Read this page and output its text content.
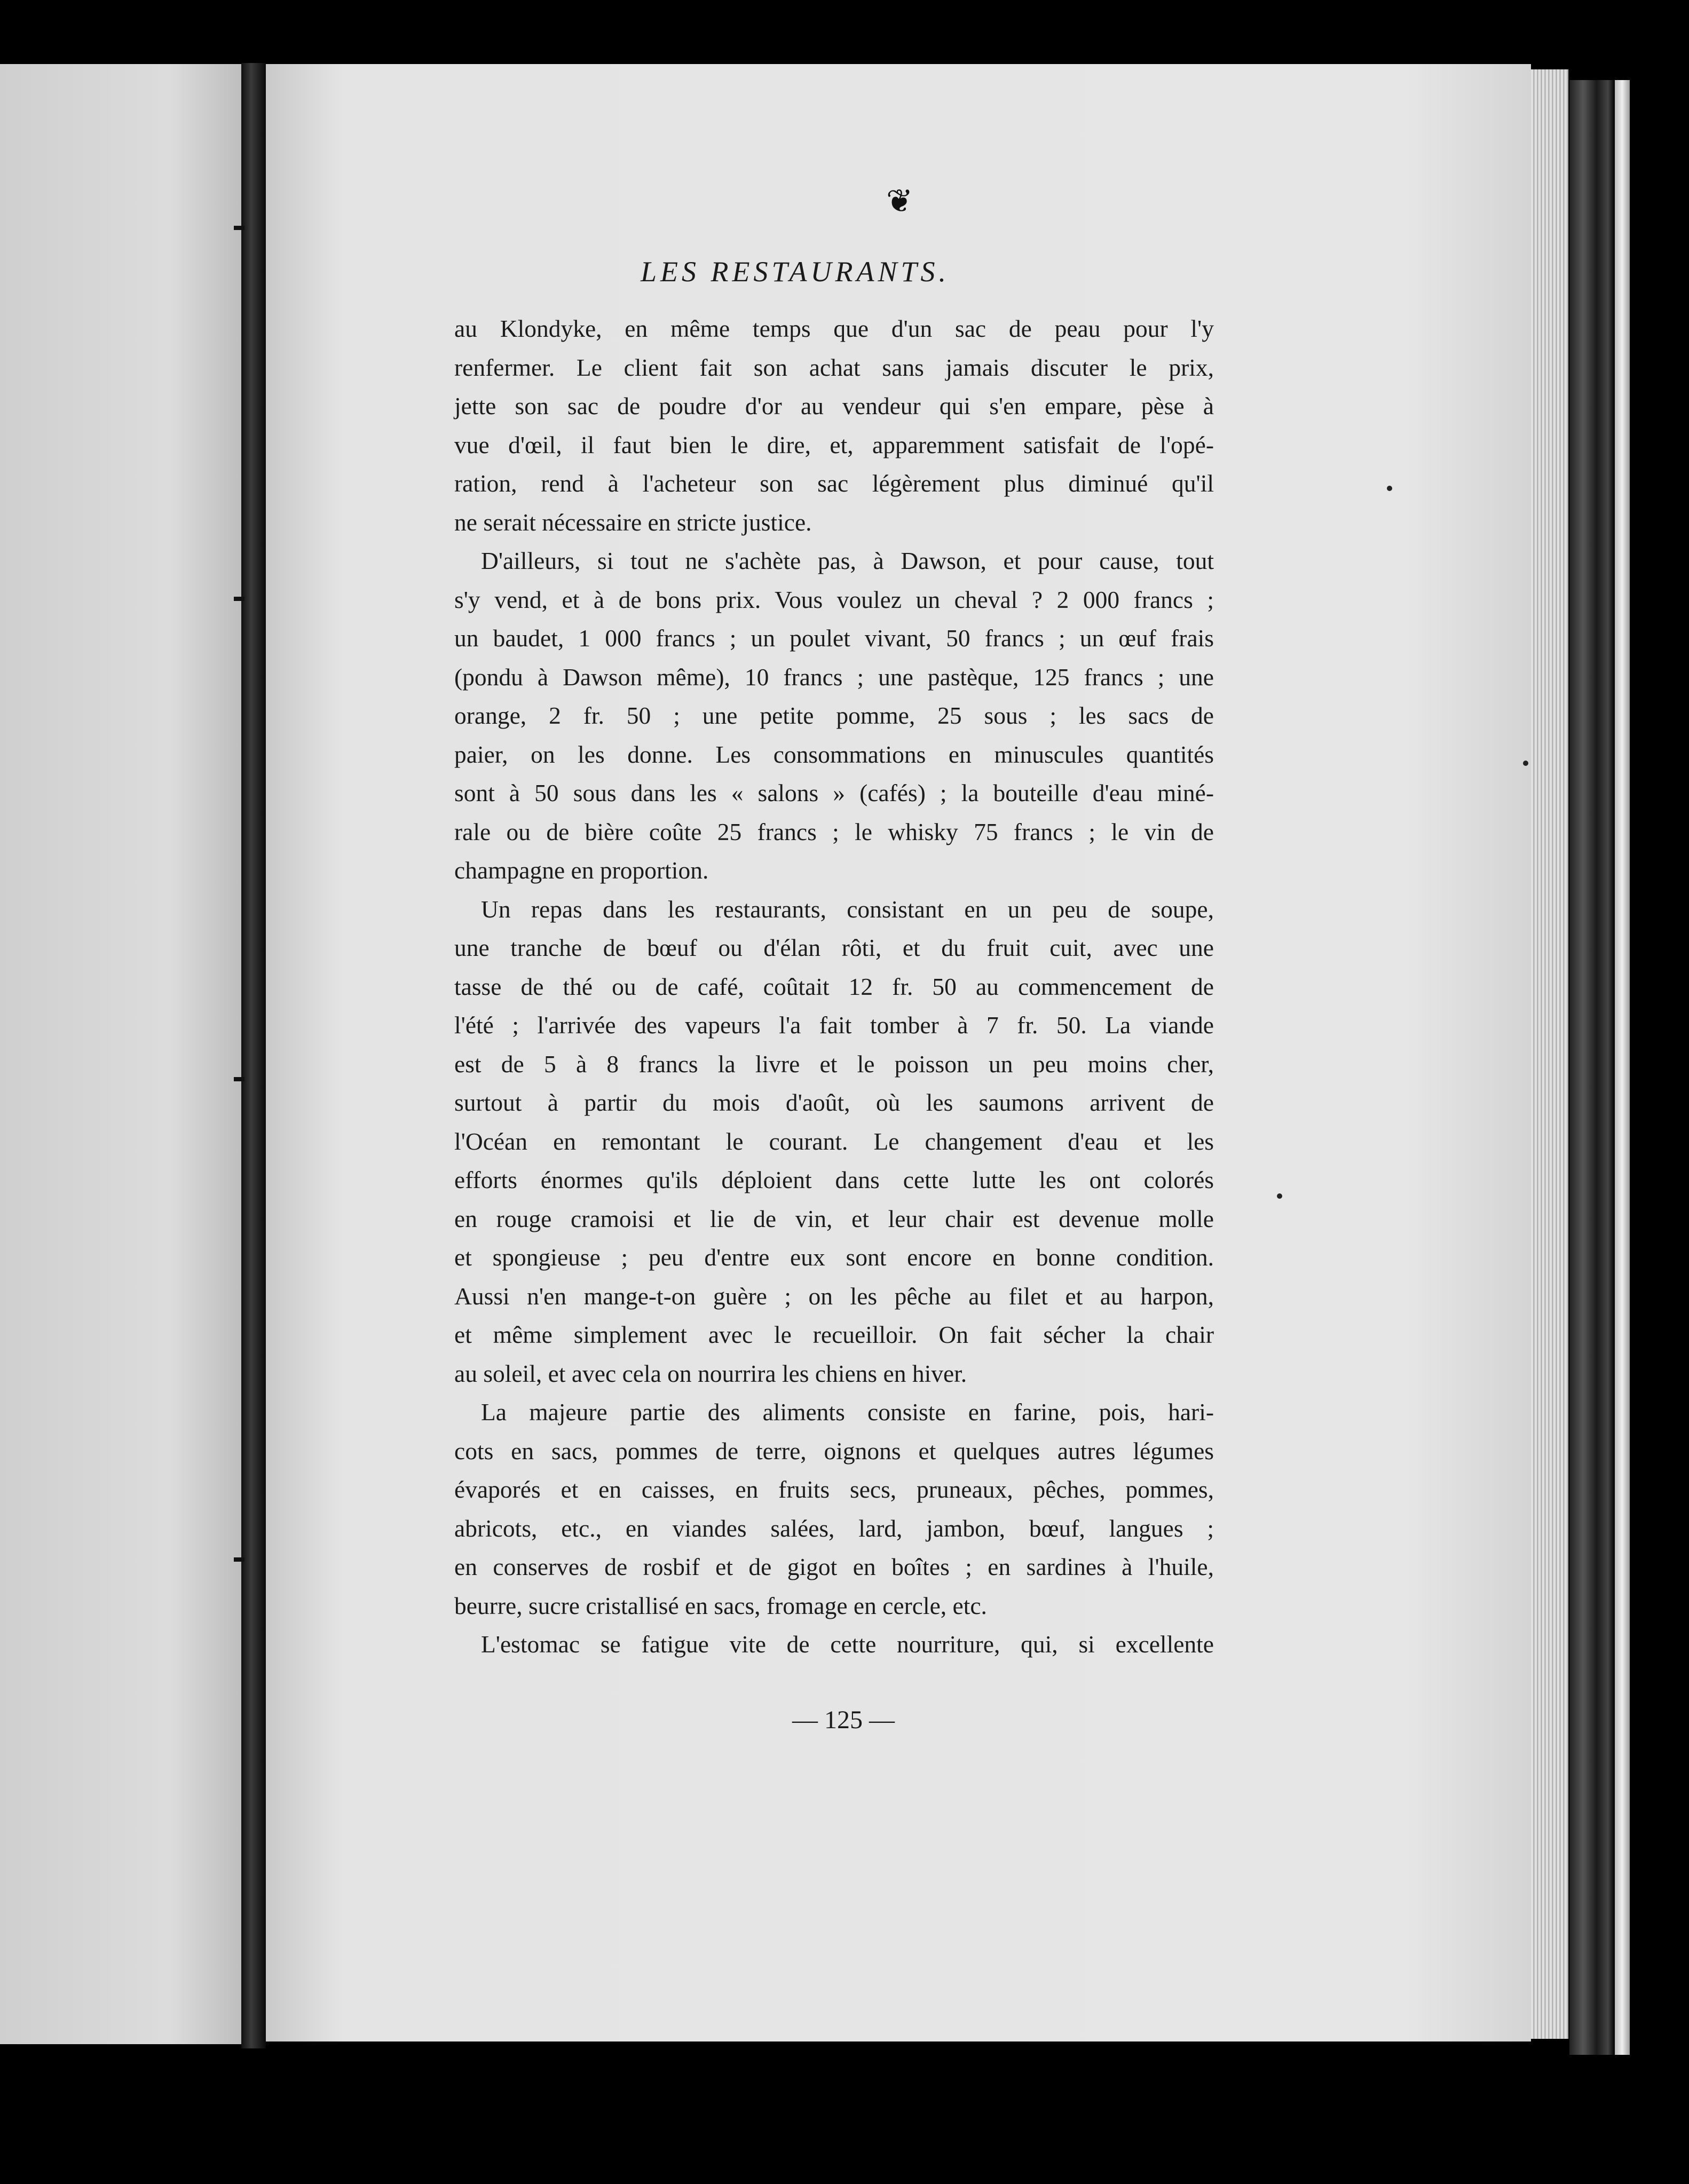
❦
LES RESTAURANTS.

au Klondyke, en même temps que d'un sac de peau pour l'y
renfermer. Le client fait son achat sans jamais discuter le prix,
jette son sac de poudre d'or au vendeur qui s'en empare, pèse à
vue d'œil, il faut bien le dire, et, apparemment satisfait de l'opé-
ration, rend à l'acheteur son sac légèrement plus diminué qu'il
ne serait nécessaire en stricte justice.

D'ailleurs, si tout ne s'achète pas, à Dawson, et pour cause, tout
s'y vend, et à de bons prix. Vous voulez un cheval ? 2 000 francs ;
un baudet, 1 000 francs ; un poulet vivant, 50 francs ; un œuf frais
(pondu à Dawson même), 10 francs ; une pastèque, 125 francs ; une
orange, 2 fr. 50 ; une petite pomme, 25 sous ; les sacs de
paier, on les donne. Les consommations en minuscules quantités
sont à 50 sous dans les « salons » (cafés) ; la bouteille d'eau miné-
rale ou de bière coûte 25 francs ; le whisky 75 francs ; le vin de
champagne en proportion.

Un repas dans les restaurants, consistant en un peu de soupe,
une tranche de bœuf ou d'élan rôti, et du fruit cuit, avec une
tasse de thé ou de café, coûtait 12 fr. 50 au commencement de
l'été ; l'arrivée des vapeurs l'a fait tomber à 7 fr. 50. La viande
est de 5 à 8 francs la livre et le poisson un peu moins cher,
surtout à partir du mois d'août, où les saumons arrivent de
l'Océan en remontant le courant. Le changement d'eau et les
efforts énormes qu'ils déploient dans cette lutte les ont colorés
en rouge cramoisi et lie de vin, et leur chair est devenue molle
et spongieuse ; peu d'entre eux sont encore en bonne condition.
Aussi n'en mange-t-on guère ; on les pêche au filet et au harpon,
et même simplement avec le recueilloir. On fait sécher la chair
au soleil, et avec cela on nourrira les chiens en hiver.

La majeure partie des aliments consiste en farine, pois, hari-
cots en sacs, pommes de terre, oignons et quelques autres légumes
évaporés et en caisses, en fruits secs, pruneaux, pêches, pommes,
abricots, etc., en viandes salées, lard, jambon, bœuf, langues ;
en conserves de rosbif et de gigot en boîtes ; en sardines à l'huile,
beurre, sucre cristallisé en sacs, fromage en cercle, etc.

L'estomac se fatigue vite de cette nourriture, qui, si excellente

— 125 —
